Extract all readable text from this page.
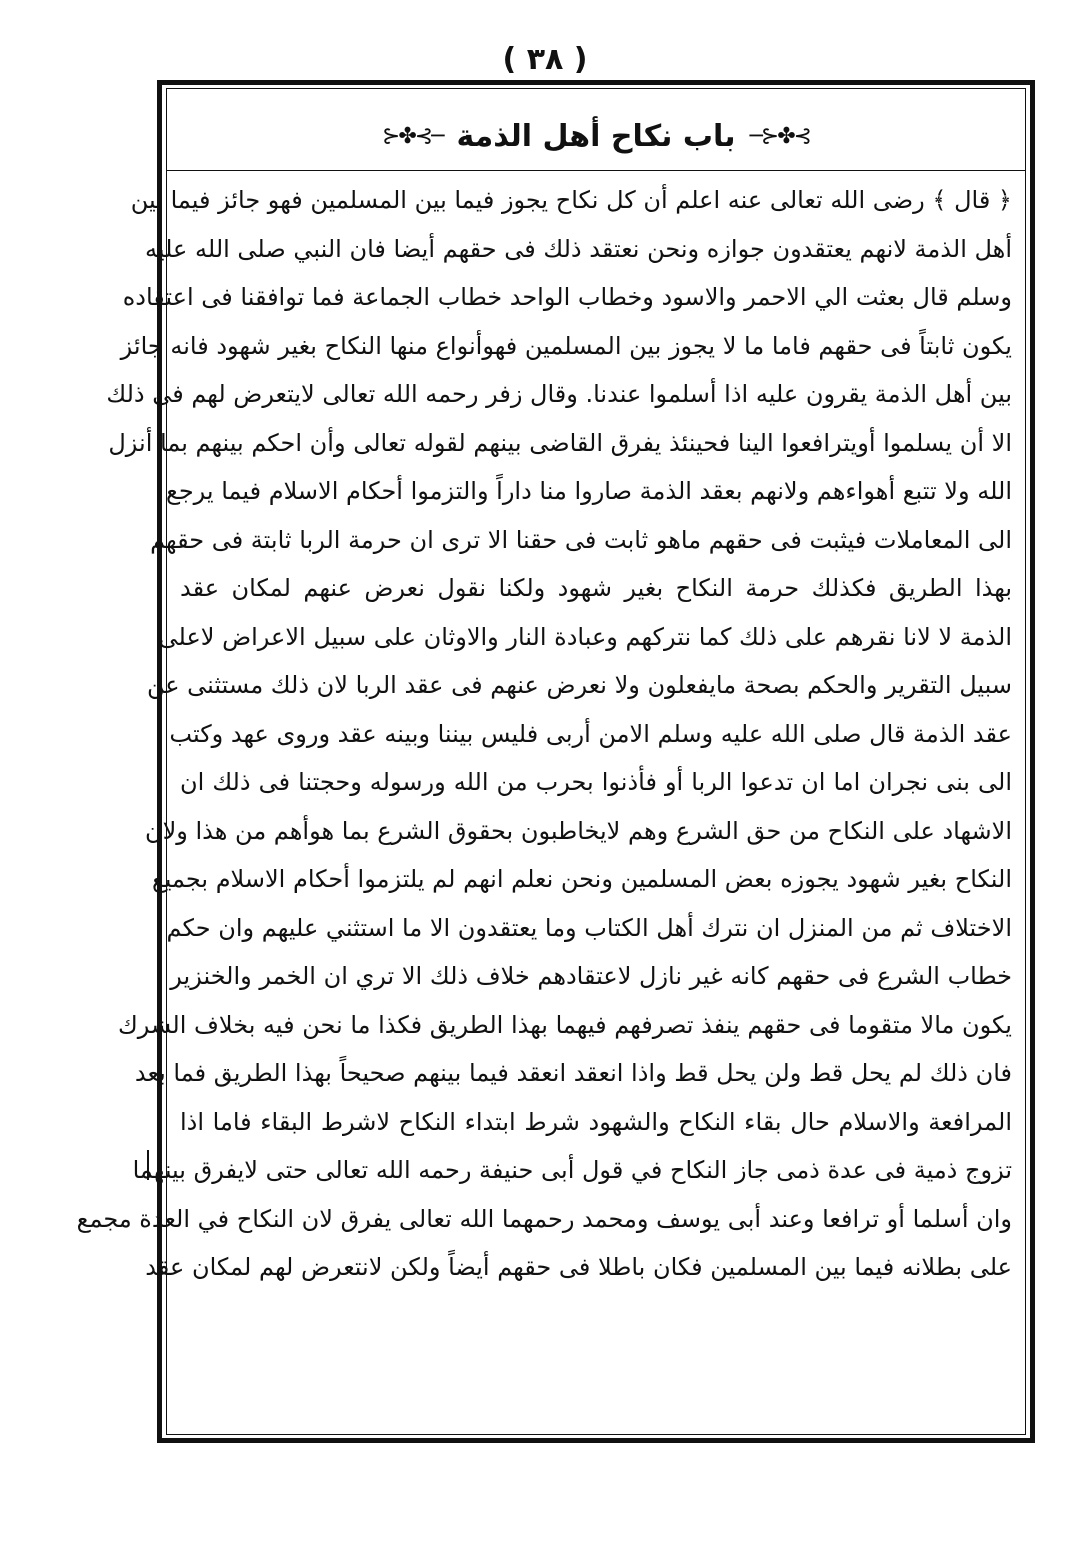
( ٣٨ )
⊱✤⊰─
باب نكاح أهل الذمة
─⊱✤⊰
﴿ قال ﴾ رضى الله تعالى عنه اعلم أن كل نكاح يجوز فيما بين المسلمين فهو جائز فيما بين
أهل الذمة لانهم يعتقدون جوازه ونحن نعتقد ذلك فى حقهم أيضا فان النبي صلى الله عليه
وسلم قال بعثت الي الاحمر والاسود وخطاب الواحد خطاب الجماعة فما توافقنا فى اعتقاده
يكون ثابتاً فى حقهم فاما ما لا يجوز بين المسلمين فهوأنواع منها النكاح بغير شهود فانه جائز
بين أهل الذمة يقرون عليه اذا أسلموا عندنا. وقال زفر رحمه الله تعالى لايتعرض لهم فى ذلك
الا أن يسلموا أويترافعوا الينا فحينئذ يفرق القاضى بينهم لقوله تعالى وأن احكم بينهم بما أنزل
الله ولا تتبع أهواءهم ولانهم بعقد الذمة صاروا منا داراً والتزموا أحكام الاسلام فيما يرجع
الى المعاملات فيثبت فى حقهم ماهو ثابت فى حقنا الا ترى ان حرمة الربا ثابتة فى حقهم
بهذا الطريق فكذلك حرمة النكاح بغير شهود ولكنا نقول نعرض عنهم لمكان عقد
الذمة لا لانا نقرهم على ذلك كما نتركهم وعبادة النار والاوثان على سبيل الاعراض لاعلى
سبيل التقرير والحكم بصحة مايفعلون ولا نعرض عنهم فى عقد الربا لان ذلك مستثنى عن
عقد الذمة قال صلى الله عليه وسلم الامن أربى فليس بيننا وبينه عقد وروى عهد وكتب
الى بنى نجران اما ان تدعوا الربا أو فأذنوا بحرب من الله ورسوله وحجتنا فى ذلك ان
الاشهاد على النكاح من حق الشرع وهم لايخاطبون بحقوق الشرع بما هوأهم من هذا ولان
النكاح بغير شهود يجوزه بعض المسلمين ونحن نعلم انهم لم يلتزموا أحكام الاسلام بجميع
الاختلاف ثم من المنزل ان نترك أهل الكتاب وما يعتقدون الا ما استثني عليهم وان حكم
خطاب الشرع فى حقهم كانه غير نازل لاعتقادهم خلاف ذلك الا تري ان الخمر والخنزير
يكون مالا متقوما فى حقهم ينفذ تصرفهم فيهما بهذا الطريق فكذا ما نحن فيه بخلاف الشرك
فان ذلك لم يحل قط ولن يحل قط واذا انعقد انعقد فيما بينهم صحيحاً بهذا الطريق فما بعد
المرافعة والاسلام حال بقاء النكاح والشهود شرط ابتداء النكاح لاشرط البقاء فاما اذا
تزوج ذمية فى عدة ذمى جاز النكاح في قول أبى حنيفة رحمه الله تعالى حتى لايفرق بينهما
وان أسلما أو ترافعا وعند أبى يوسف ومحمد رحمهما الله تعالى يفرق لان النكاح في العدة مجمع
على بطلانه فيما بين المسلمين فكان باطلا فى حقهم أيضاً ولكن لانتعرض لهم لمكان عقد
